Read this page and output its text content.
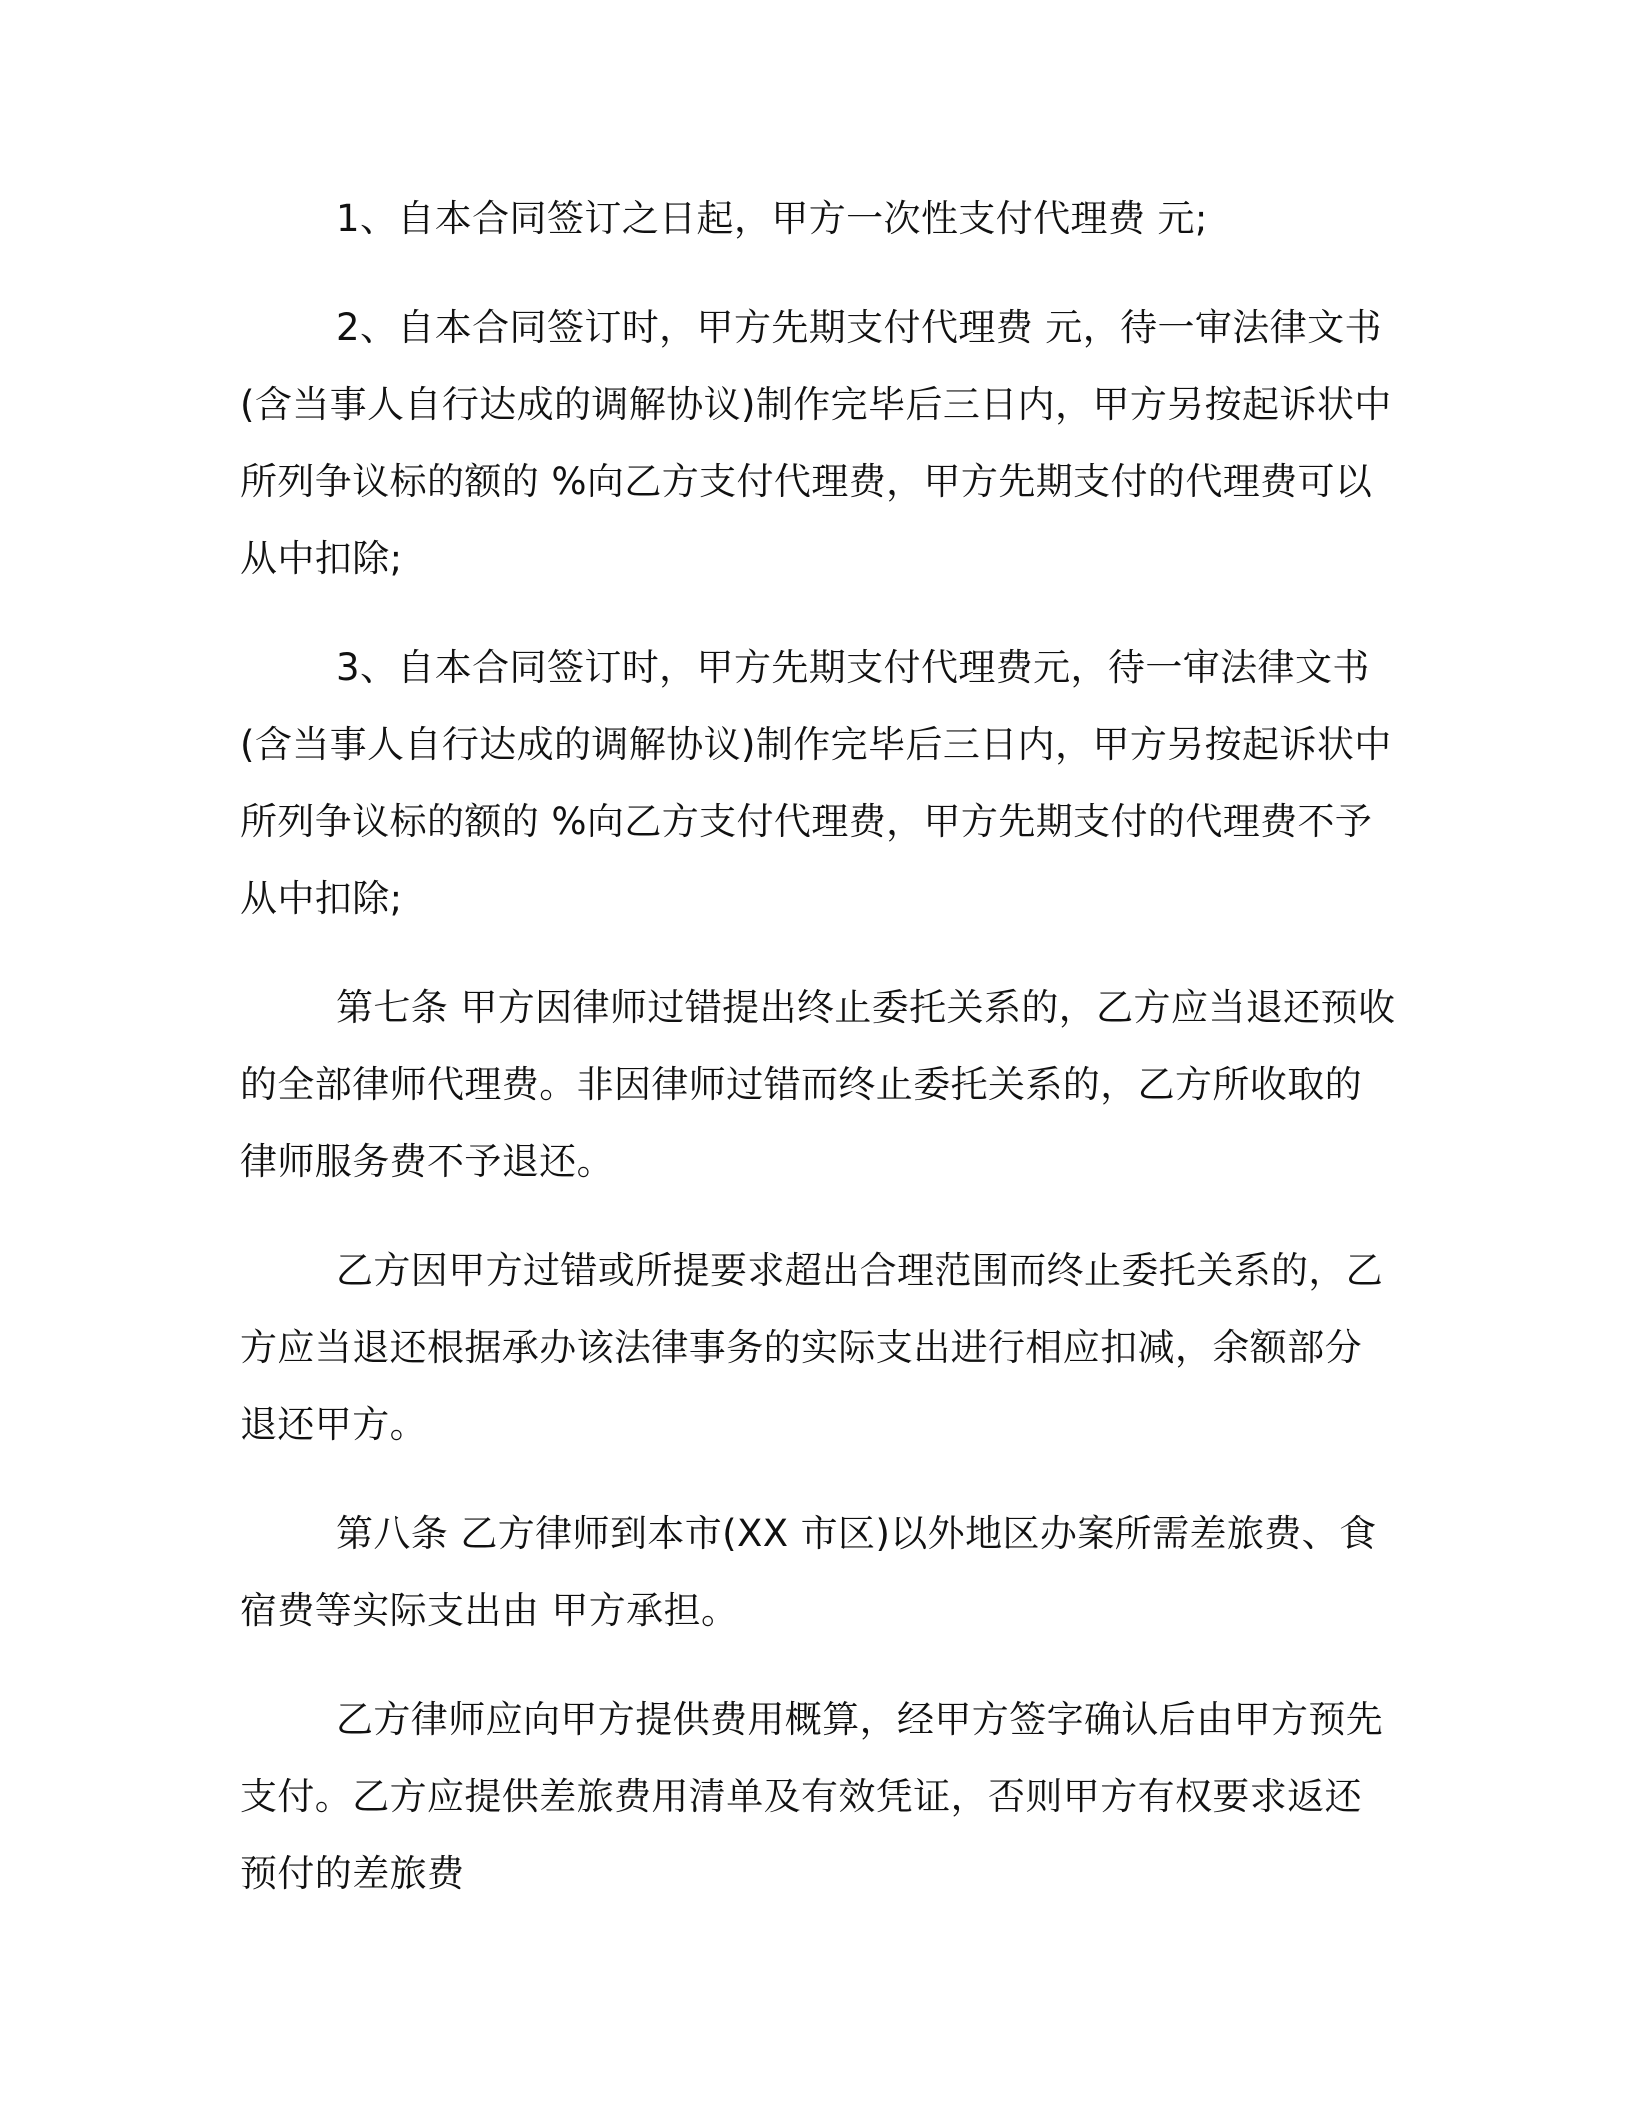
1、自本合同签订之日起，甲方一次性支付代理费 元;
2、自本合同签订时，甲方先期支付代理费 元，待一审法律文书
(含当事人自行达成的调解协议)制作完毕后三日内，甲方另按起诉状中
所列争议标的额的 %向乙方支付代理费，甲方先期支付的代理费可以
从中扣除;
3、自本合同签订时，甲方先期支付代理费元，待一审法律文书
(含当事人自行达成的调解协议)制作完毕后三日内，甲方另按起诉状中
所列争议标的额的 %向乙方支付代理费，甲方先期支付的代理费不予
从中扣除;
第七条 甲方因律师过错提出终止委托关系的，乙方应当退还预收
的全部律师代理费。非因律师过错而终止委托关系的，乙方所收取的
律师服务费不予退还。
乙方因甲方过错或所提要求超出合理范围而终止委托关系的，乙
方应当退还根据承办该法律事务的实际支出进行相应扣减，余额部分
退还甲方。
第八条 乙方律师到本市(XX 市区)以外地区办案所需差旅费、食
宿费等实际支出由 甲方承担。
乙方律师应向甲方提供费用概算，经甲方签字确认后由甲方预先
支付。乙方应提供差旅费用清单及有效凭证，否则甲方有权要求返还
预付的差旅费
